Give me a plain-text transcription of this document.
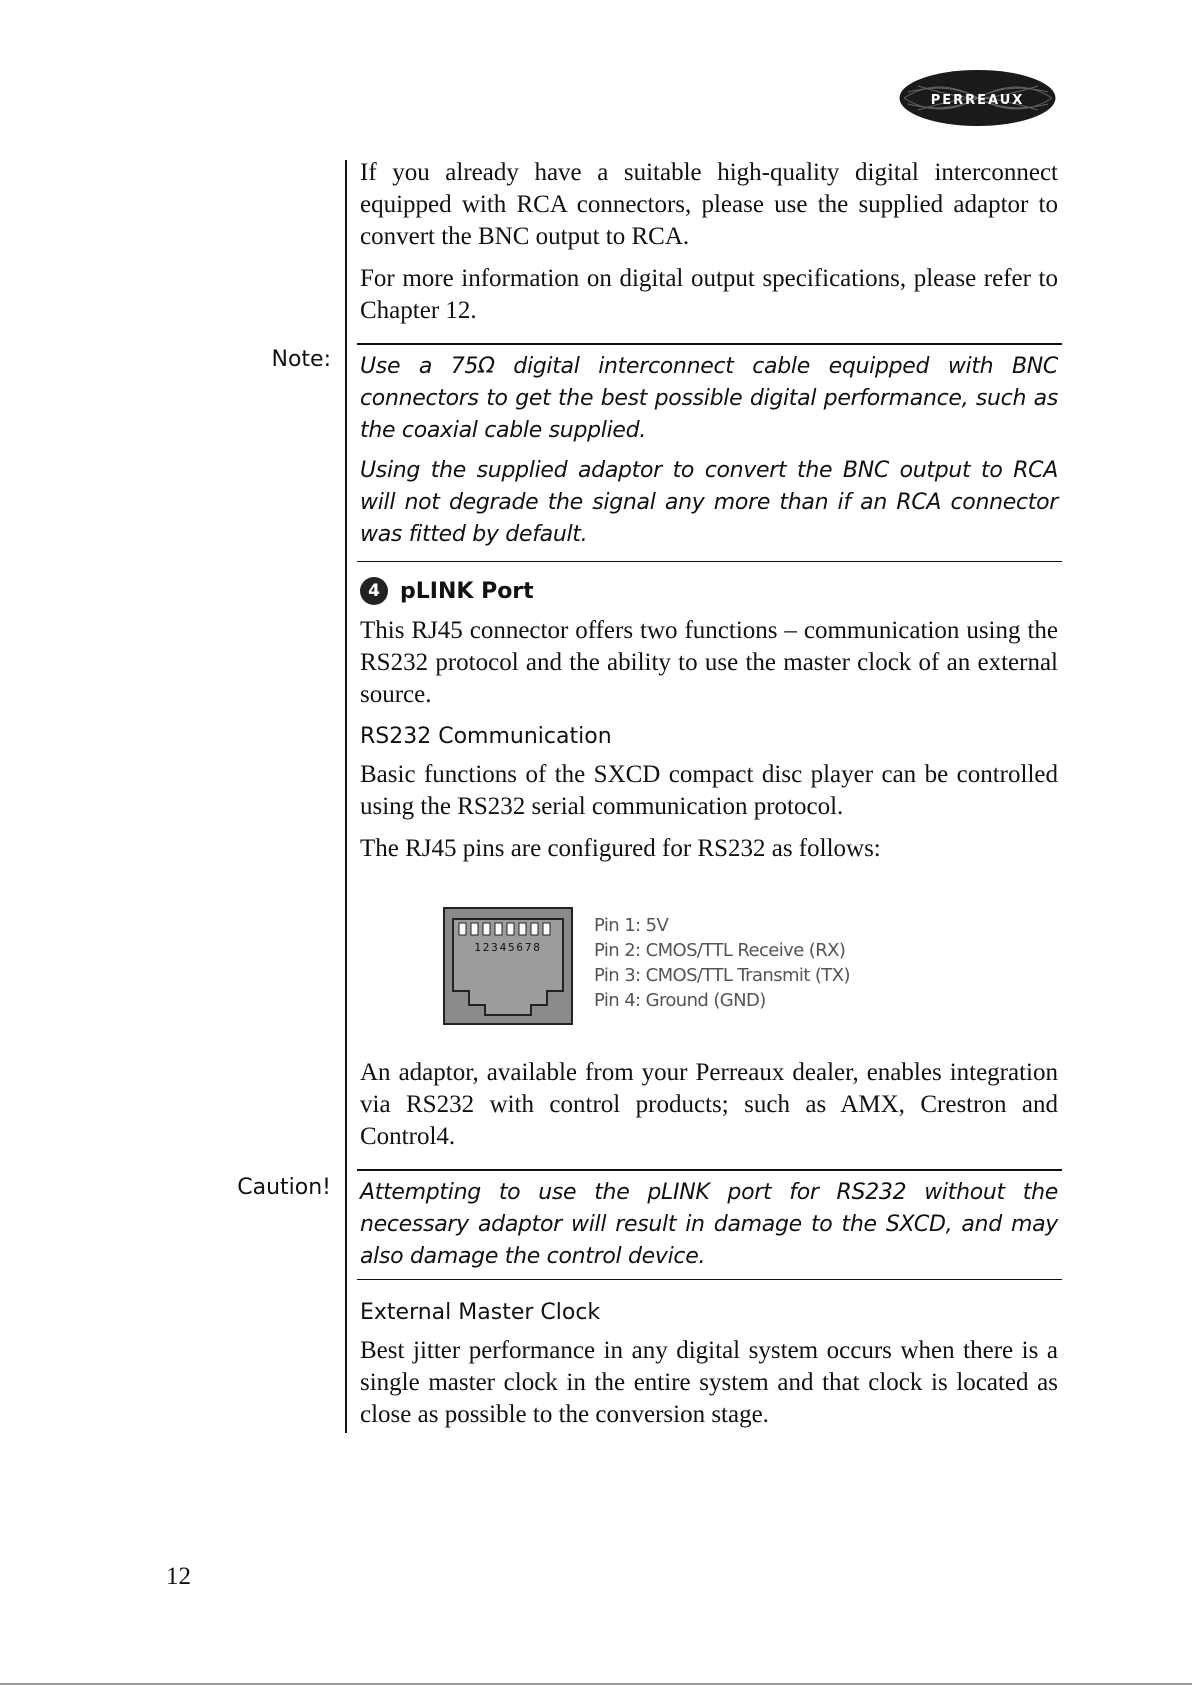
PERREAUX

If you already have a suitable high-quality digital interconnect equipped with RCA connectors, please use the supplied adaptor to convert the BNC output to RCA.

For more information on digital output specifications, please refer to Chapter 12.

Note: Use a 75Ω digital interconnect cable equipped with BNC connectors to get the best possible digital performance, such as the coaxial cable supplied.

Using the supplied adaptor to convert the BNC output to RCA will not degrade the signal any more than if an RCA connector was fitted by default.

4 pLINK Port

This RJ45 connector offers two functions – communication using the RS232 protocol and the ability to use the master clock of an external source.

RS232 Communication

Basic functions of the SXCD compact disc player can be controlled using the RS232 serial communication protocol.

The RJ45 pins are configured for RS232 as follows:

12345678
Pin 1: 5V
Pin 2: CMOS/TTL Receive (RX)
Pin 3: CMOS/TTL Transmit (TX)
Pin 4: Ground (GND)

An adaptor, available from your Perreaux dealer, enables integration via RS232 with control products; such as AMX, Crestron and Control4.

Caution! Attempting to use the pLINK port for RS232 without the necessary adaptor will result in damage to the SXCD, and may also damage the control device.

External Master Clock

Best jitter performance in any digital system occurs when there is a single master clock in the entire system and that clock is located as close as possible to the conversion stage.

12
